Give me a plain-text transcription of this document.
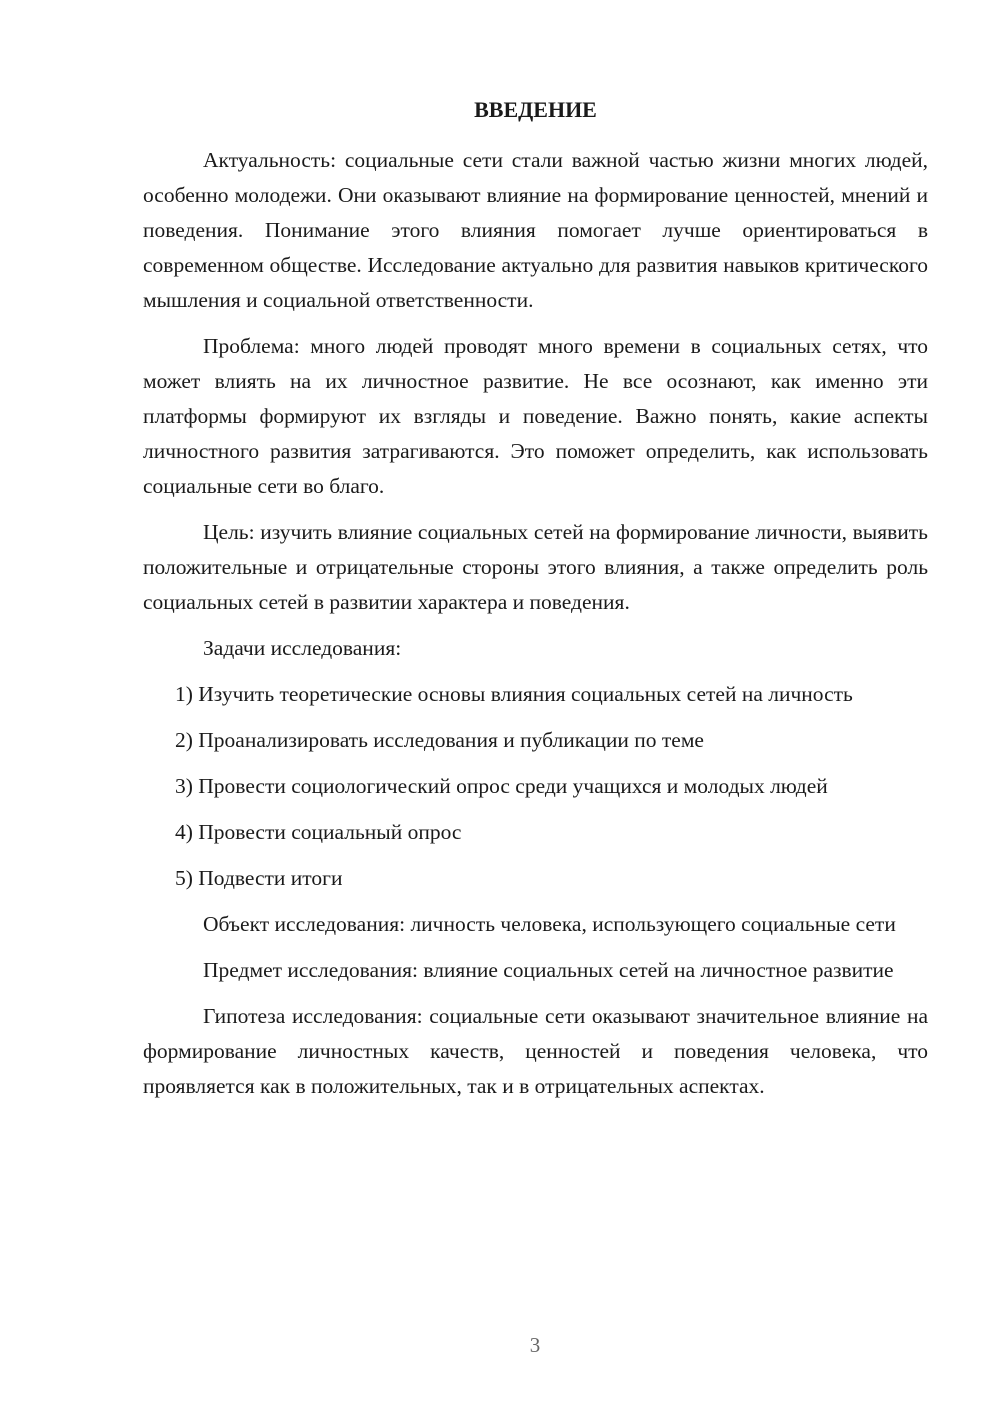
ВВЕДЕНИЕ

Актуальность: социальные сети стали важной частью жизни многих людей, особенно молодежи. Они оказывают влияние на формирование ценностей, мнений и поведения. Понимание этого влияния помогает лучше ориентироваться в современном обществе. Исследование актуально для развития навыков критического мышления и социальной ответственности.

Проблема: много людей проводят много времени в социальных сетях, что может влиять на их личностное развитие. Не все осознают, как именно эти платформы формируют их взгляды и поведение. Важно понять, какие аспекты личностного развития затрагиваются. Это поможет определить, как использовать социальные сети во благо.

Цель: изучить влияние социальных сетей на формирование личности, выявить положительные и отрицательные стороны этого влияния, а также определить роль социальных сетей в развитии характера и поведения.

Задачи исследования:

1) Изучить теоретические основы влияния социальных сетей на личность

2) Проанализировать исследования и публикации по теме

3) Провести социологический опрос среди учащихся и молодых людей

4) Провести социальный опрос

5) Подвести итоги

Объект исследования: личность человека, использующего социальные сети

Предмет исследования: влияние социальных сетей на личностное развитие

Гипотеза исследования: социальные сети оказывают значительное влияние на формирование личностных качеств, ценностей и поведения человека, что проявляется как в положительных, так и в отрицательных аспектах.

3
